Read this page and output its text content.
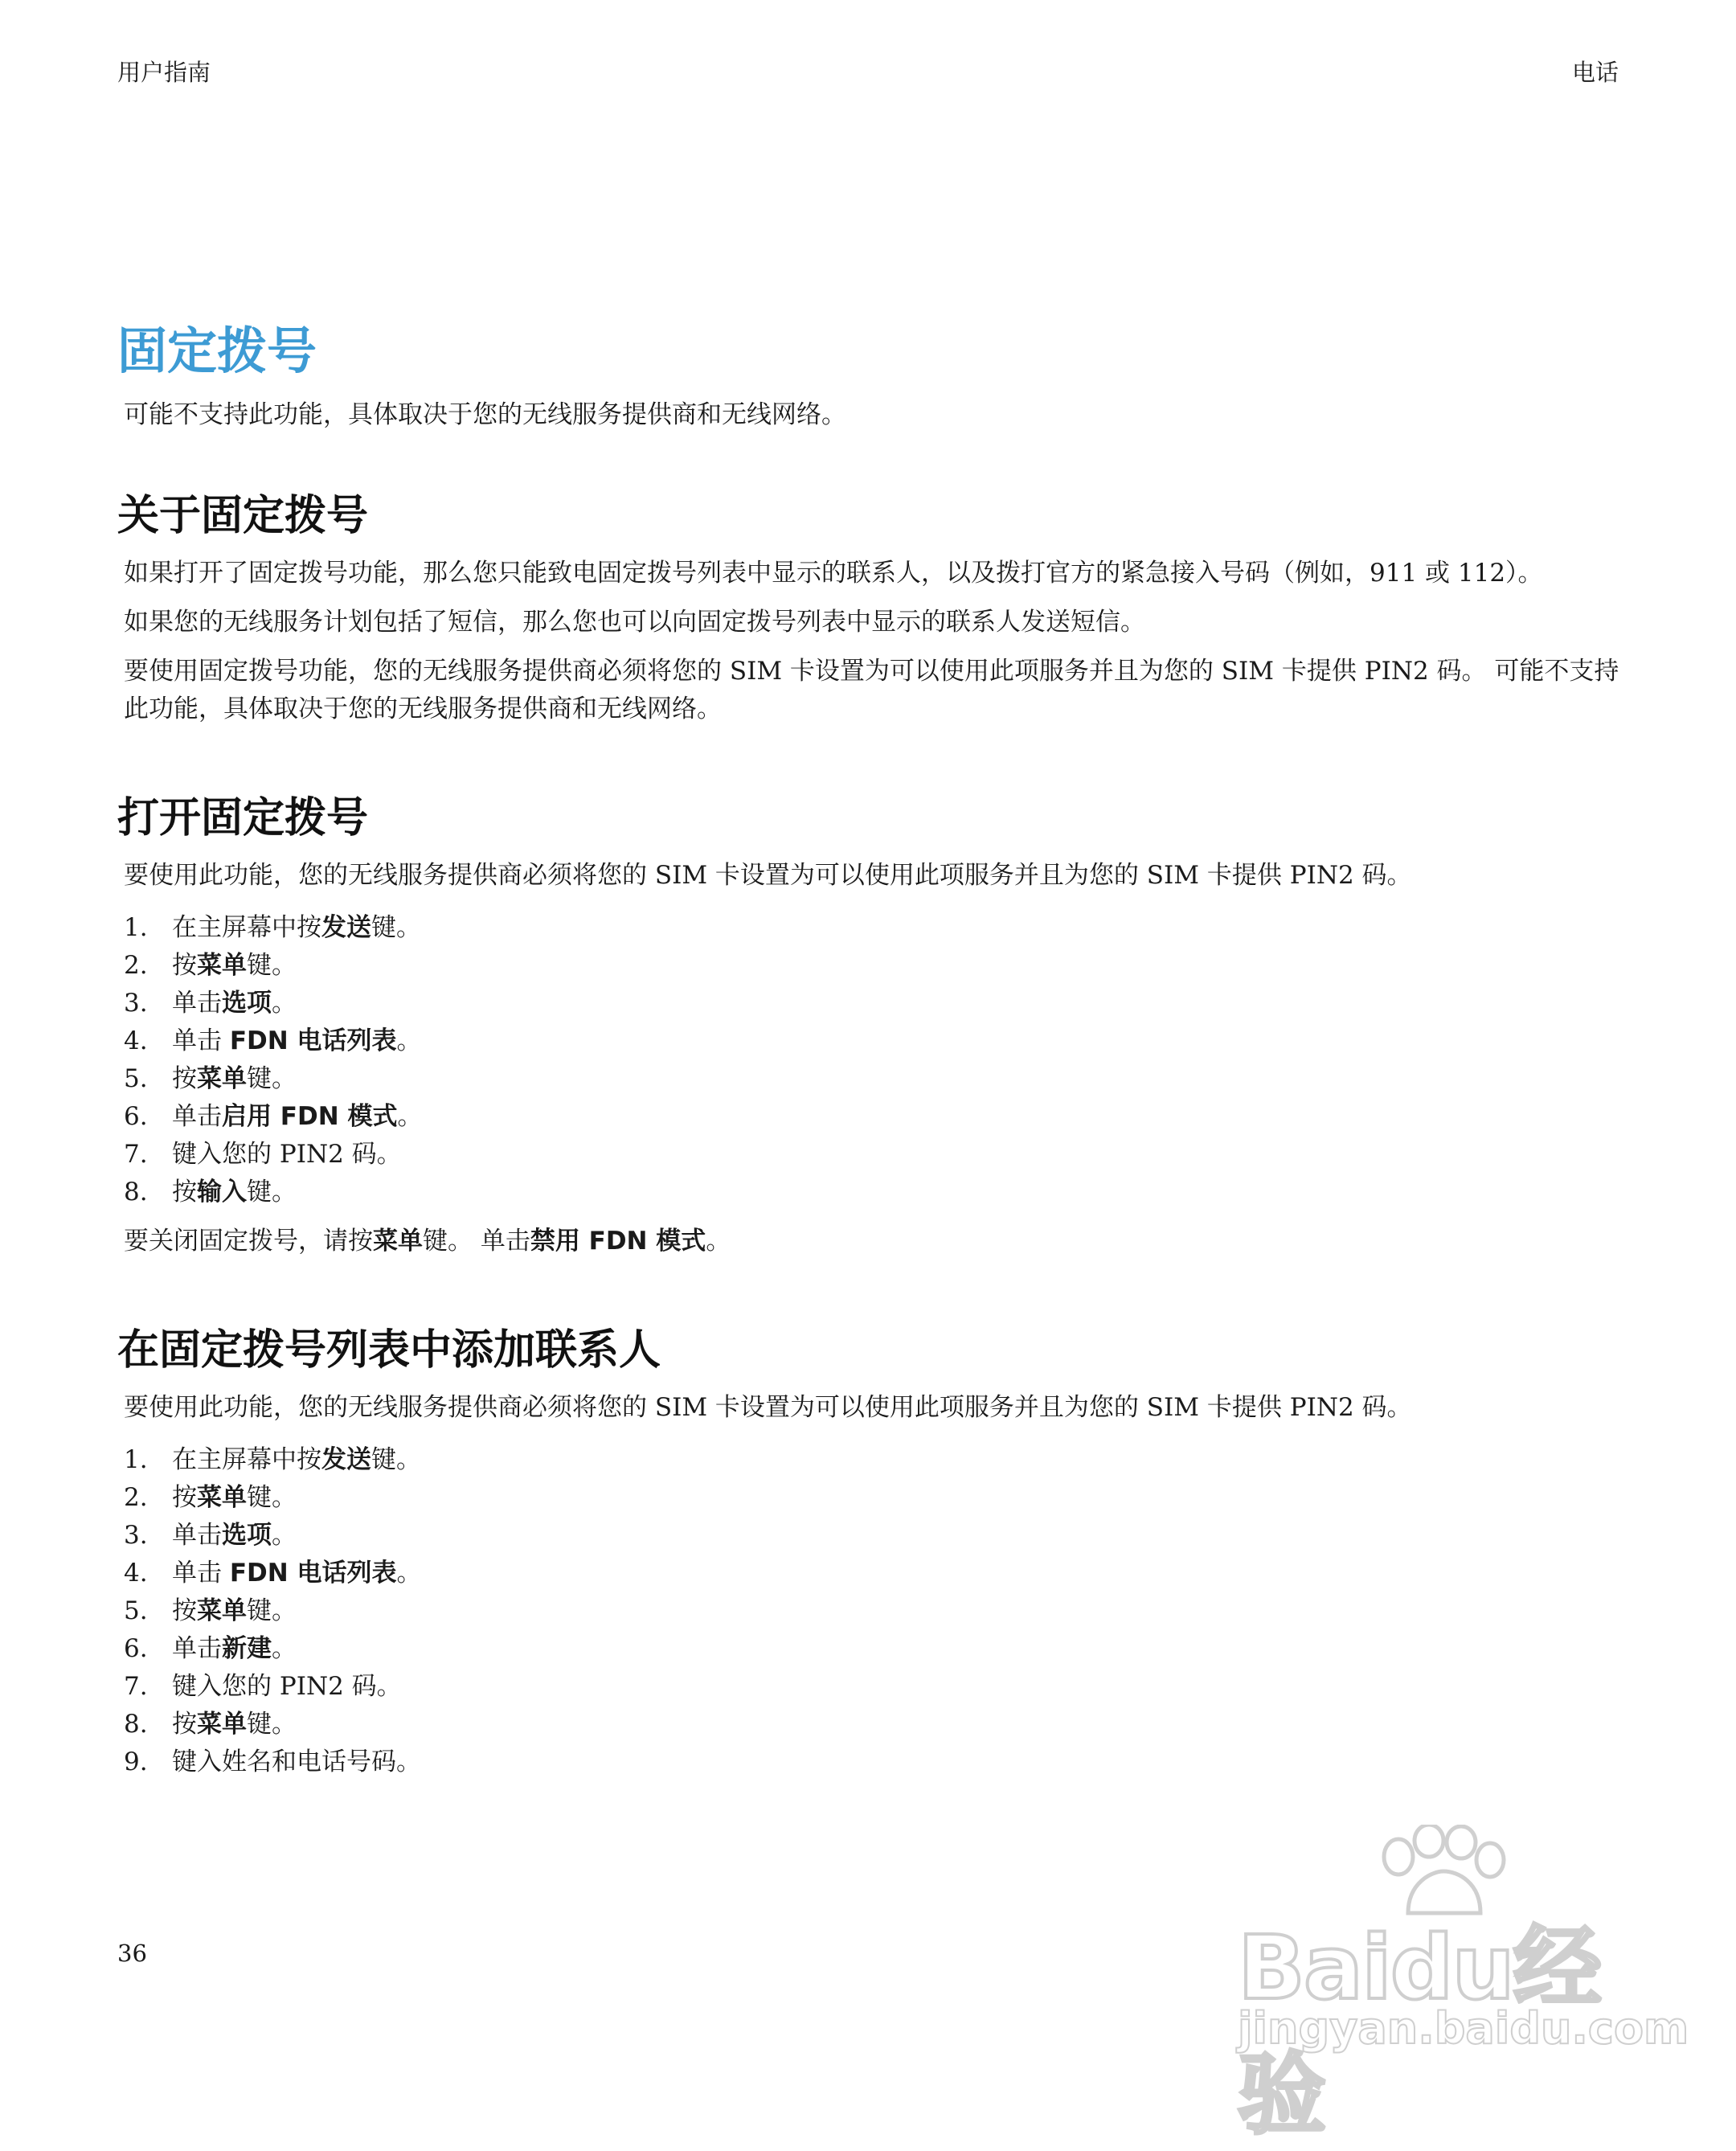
用户指南	电话
固定拨号

可能不支持此功能，具体取决于您的无线服务提供商和无线网络。

关于固定拨号

如果打开了固定拨号功能，那么您只能致电固定拨号列表中显示的联系人，以及拨打官方的紧急接入号码（例如，911 或 112）。

如果您的无线服务计划包括了短信，那么您也可以向固定拨号列表中显示的联系人发送短信。

要使用固定拨号功能，您的无线服务提供商必须将您的 SIM 卡设置为可以使用此项服务并且为您的 SIM 卡提供 PIN2 码。 可能不支持此功能，具体取决于您的无线服务提供商和无线网络。

打开固定拨号

要使用此功能，您的无线服务提供商必须将您的 SIM 卡设置为可以使用此项服务并且为您的 SIM 卡提供 PIN2 码。

1. 在主屏幕中按发送键。
2. 按菜单键。
3. 单击选项。
4. 单击 FDN 电话列表。
5. 按菜单键。
6. 单击启用 FDN 模式。
7. 键入您的 PIN2 码。
8. 按输入键。

要关闭固定拨号，请按菜单键。 单击禁用 FDN 模式。

在固定拨号列表中添加联系人

要使用此功能，您的无线服务提供商必须将您的 SIM 卡设置为可以使用此项服务并且为您的 SIM 卡提供 PIN2 码。

1. 在主屏幕中按发送键。
2. 按菜单键。
3. 单击选项。
4. 单击 FDN 电话列表。
5. 按菜单键。
6. 单击新建。
7. 键入您的 PIN2 码。
8. 按菜单键。
9. 键入姓名和电话号码。
36	Baidu经验
jingyan.baidu.com
